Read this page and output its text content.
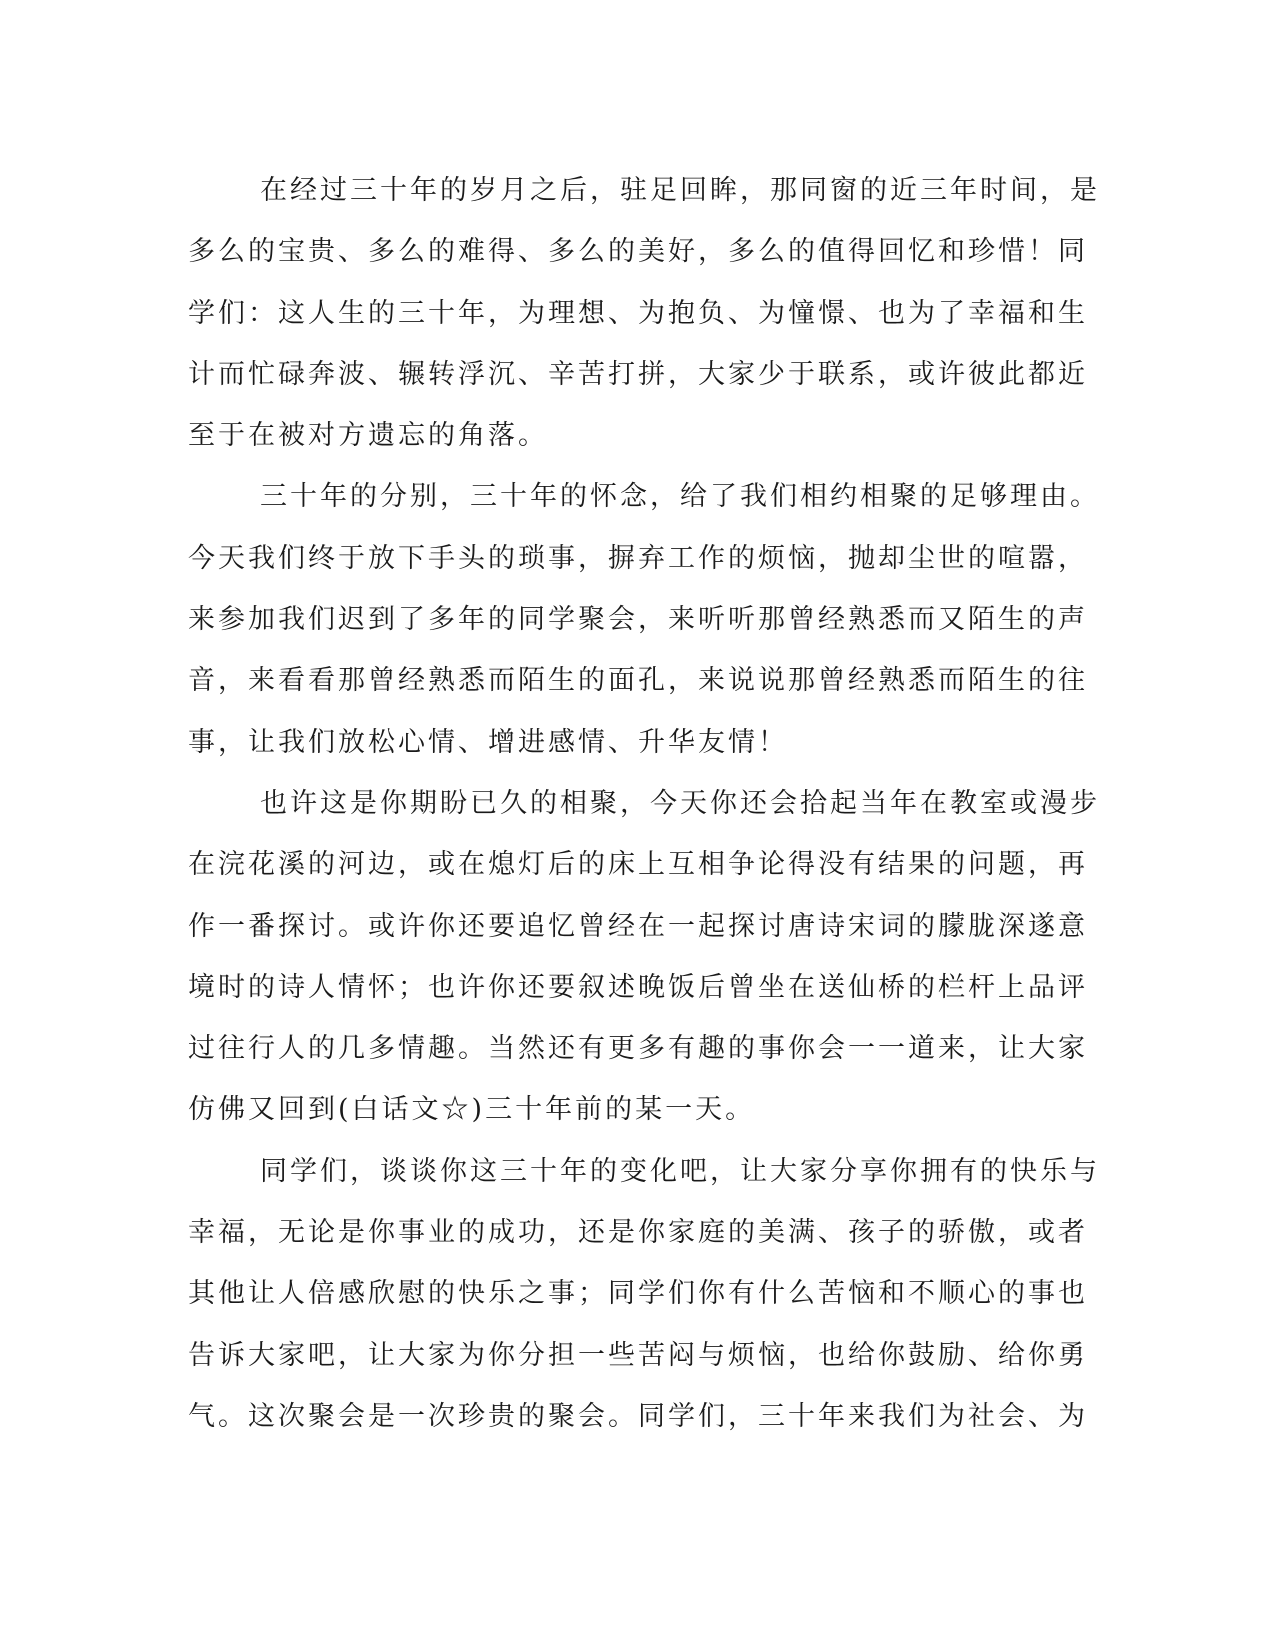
在经过三十年的岁月之后，驻足回眸，那同窗的近三年时间，是
多么的宝贵、多么的难得、多么的美好，多么的值得回忆和珍惜！同
学们：这人生的三十年，为理想、为抱负、为憧憬、也为了幸福和生
计而忙碌奔波、辗转浮沉、辛苦打拼，大家少于联系，或许彼此都近
至于在被对方遗忘的角落。
三十年的分别，三十年的怀念，给了我们相约相聚的足够理由。
今天我们终于放下手头的琐事，摒弃工作的烦恼，抛却尘世的喧嚣，
来参加我们迟到了多年的同学聚会，来听听那曾经熟悉而又陌生的声
音，来看看那曾经熟悉而陌生的面孔，来说说那曾经熟悉而陌生的往
事，让我们放松心情、增进感情、升华友情！
也许这是你期盼已久的相聚，今天你还会拾起当年在教室或漫步
在浣花溪的河边，或在熄灯后的床上互相争论得没有结果的问题，再
作一番探讨。或许你还要追忆曾经在一起探讨唐诗宋词的朦胧深遂意
境时的诗人情怀；也许你还要叙述晚饭后曾坐在送仙桥的栏杆上品评
过往行人的几多情趣。当然还有更多有趣的事你会一一道来，让大家
仿佛又回到(白话文☆)三十年前的某一天。
同学们，谈谈你这三十年的变化吧，让大家分享你拥有的快乐与
幸福，无论是你事业的成功，还是你家庭的美满、孩子的骄傲，或者
其他让人倍感欣慰的快乐之事；同学们你有什么苦恼和不顺心的事也
告诉大家吧，让大家为你分担一些苦闷与烦恼，也给你鼓励、给你勇
气。这次聚会是一次珍贵的聚会。同学们，三十年来我们为社会、为
